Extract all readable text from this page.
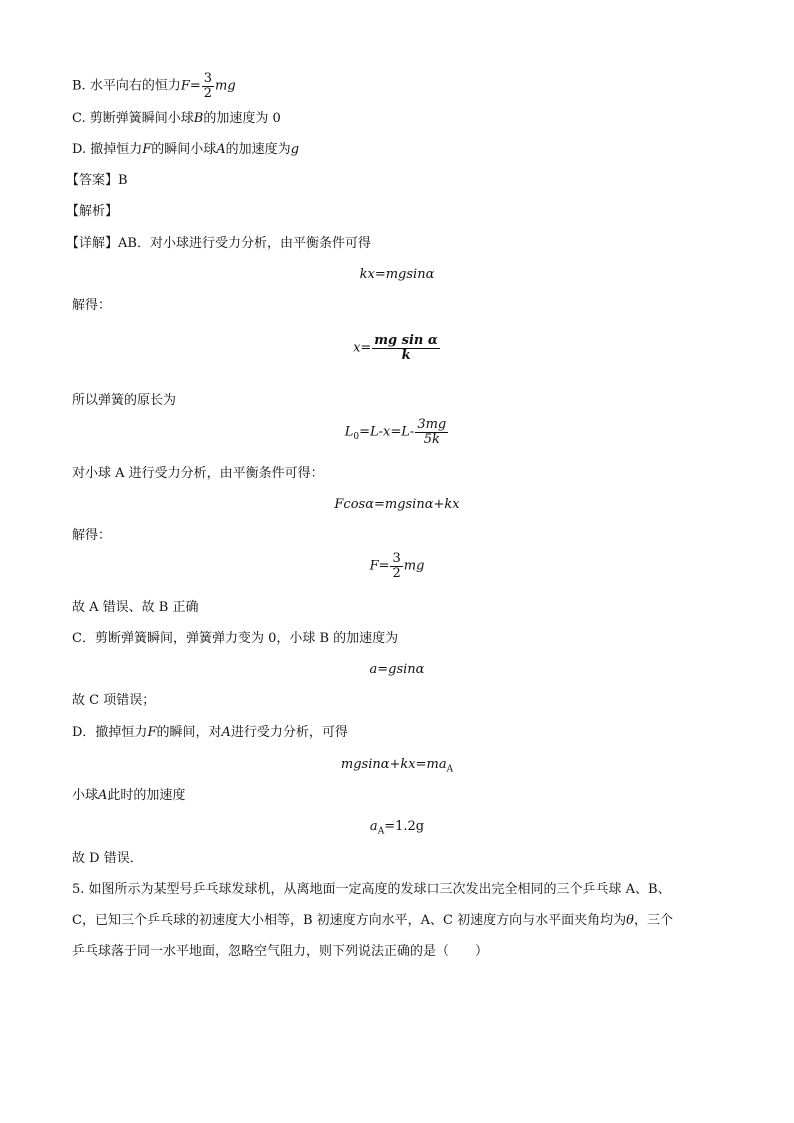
B. 水平向右的恒力$F= \frac{3}{2}$ mg
C. 剪断弹簧瞬间小球B的加速度为 0
D. 撤掉恒力F的瞬间小球A的加速度为g
【答案】B
【解析】
【详解】AB．对小球进行受力分析，由平衡条件可得
kx=mgsinα
解得：
$x= \frac{\text{mg sin α}}{k}$
所以弹簧的原长为
$L_0=L-x=L- \frac{3mg}{5k}$
对小球 A 进行受力分析，由平衡条件可得：
Fcosα=mgsinα+kx
解得：
$F= \frac{3}{2}$ mg
故 A 错误、故 B 正确
C．剪断弹簧瞬间，弹簧弹力变为 0，小球 B 的加速度为
a=gsinα
故 C 项错误；
D．撤掉恒力F的瞬间，对A进行受力分析，可得
$mgsin\alpha+kx=ma_A$
小球A此时的加速度
$a_A=1.2g$
故 D 错误．
5. 如图所示为某型号乒乓球发球机，从离地面一定高度的发球口三次发出完全相同的三个乒乓球 A、B、
C，已知三个乒乓球的初速度大小相等，B 初速度方向水平，A、C 初速度方向与水平面夹角均为θ，三个
乒乓球落于同一水平地面，忽略空气阻力，则下列说法正确的是（　　）
